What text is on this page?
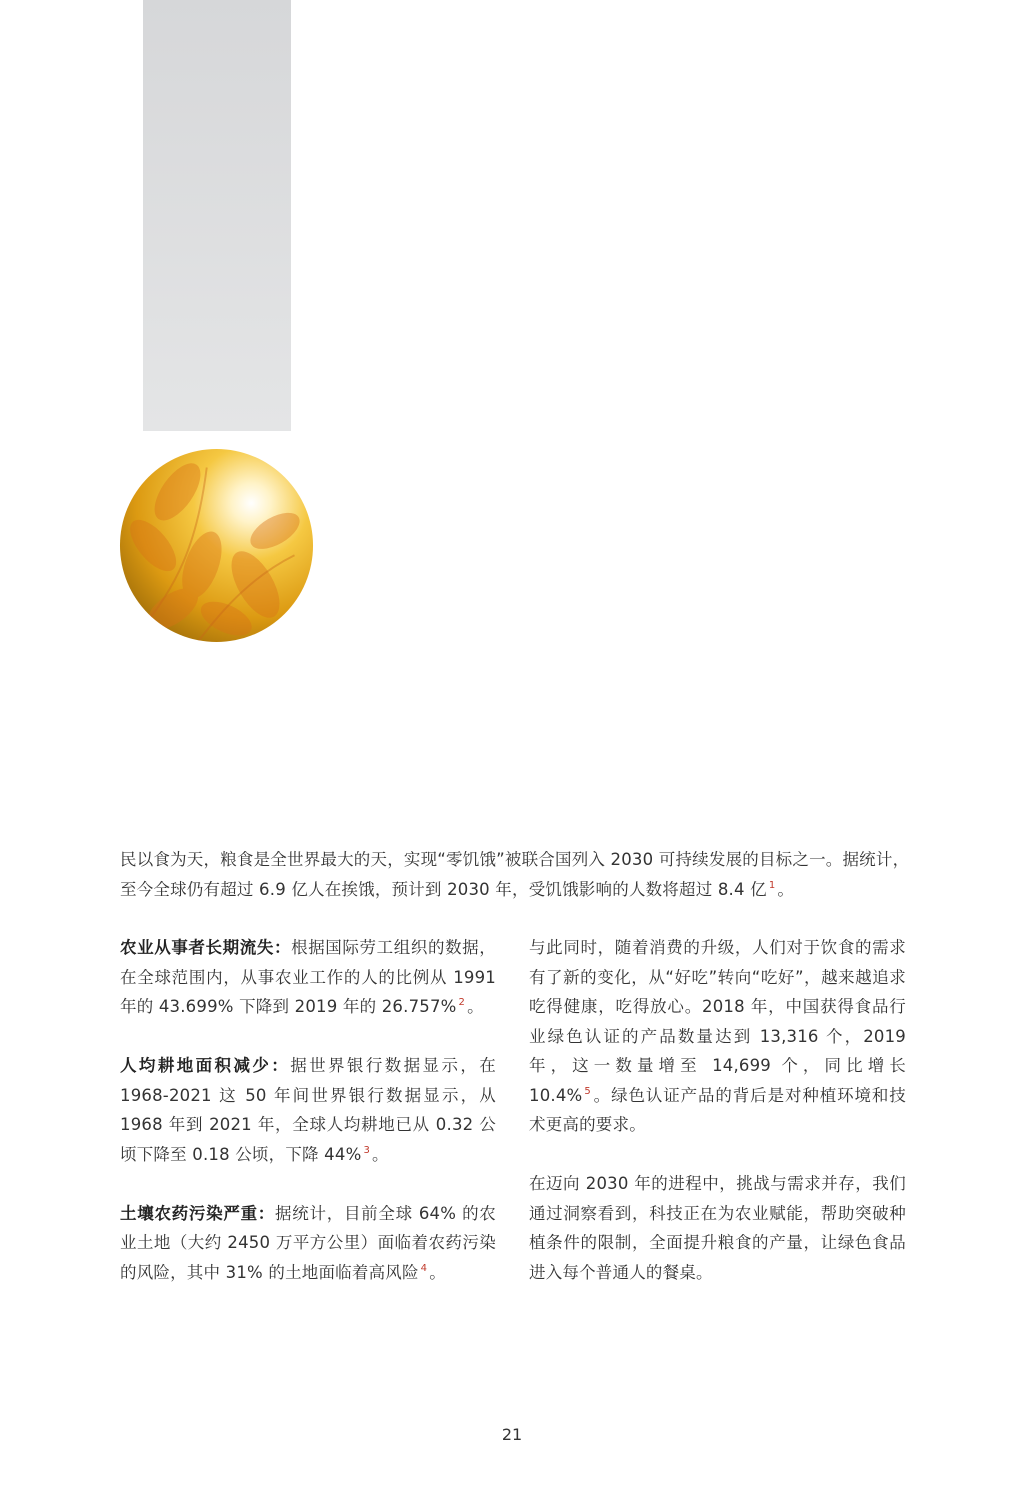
民以食为天，粮食是全世界最大的天，实现“零饥饿”被联合国列入 2030 可持续发展的目标之一。据统计，至今全球仍有超过 6.9 亿人在挨饿，预计到 2030 年，受饥饿影响的人数将超过 8.4 亿 $^1$ 。

农业从事者长期流失：根据国际劳工组织的数据，在全球范围内，从事农业工作的人的比例从 1991 年的 43.699% 下降到 2019 年的 26.757% $^2$ 。

人均耕地面积减少：据世界银行数据显示，在 1968-2021 这 50 年间世界银行数据显示，从 1968 年到 2021 年，全球人均耕地已从 0.32 公顷下降至 0.18 公顷，下降 44% $^3$ 。

土壤农药污染严重：据统计，目前全球 64% 的农业土地（大约 2450 万平方公里）面临着农药污染的风险，其中 31% 的土地面临着高风险 $^4$ 。

与此同时，随着消费的升级，人们对于饮食的需求有了新的变化，从“好吃”转向“吃好”，越来越追求吃得健康，吃得放心。2018 年，中国获得食品行业绿色认证的产品数量达到 13,316 个，2019 年，这一数量增至 14,699 个，同比增长 10.4% $^5$ 。绿色认证产品的背后是对种植环境和技术更高的要求。

在迈向 2030 年的进程中，挑战与需求并存，我们通过洞察看到，科技正在为农业赋能，帮助突破种植条件的限制，全面提升粮食的产量，让绿色食品进入每个普通人的餐桌。

21
